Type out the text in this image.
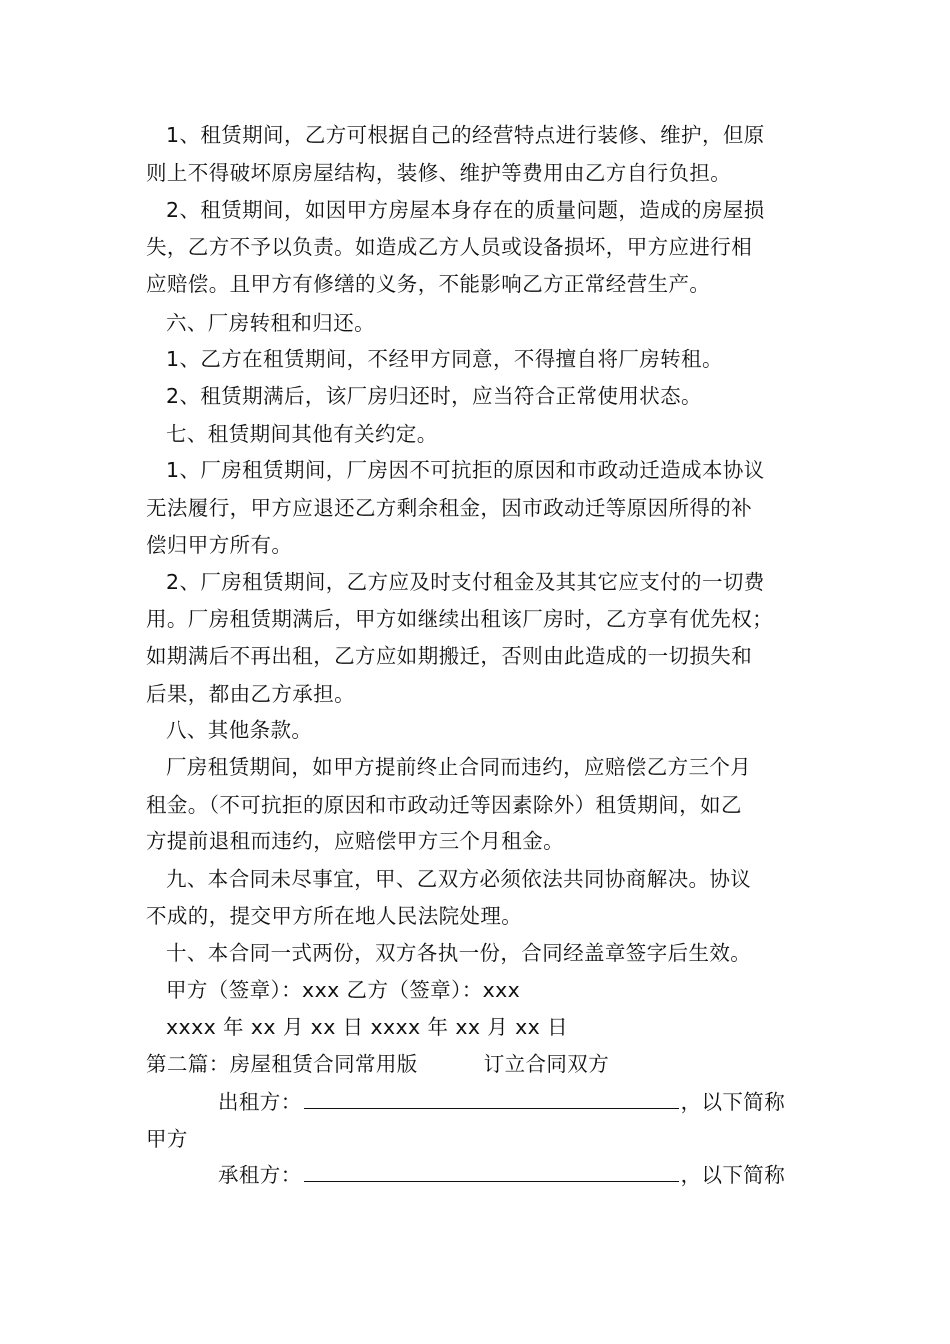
1、租赁期间，乙方可根据自己的经营特点进行装修、维护，但原
则上不得破坏原房屋结构，装修、维护等费用由乙方自行负担。
2、租赁期间，如因甲方房屋本身存在的质量问题，造成的房屋损
失，乙方不予以负责。如造成乙方人员或设备损坏，甲方应进行相
应赔偿。且甲方有修缮的义务，不能影响乙方正常经营生产。
六、厂房转租和归还。
1、乙方在租赁期间，不经甲方同意，不得擅自将厂房转租。
2、租赁期满后，该厂房归还时，应当符合正常使用状态。
七、租赁期间其他有关约定。
1、厂房租赁期间，厂房因不可抗拒的原因和市政动迁造成本协议
无法履行，甲方应退还乙方剩余租金，因市政动迁等原因所得的补
偿归甲方所有。
2、厂房租赁期间，乙方应及时支付租金及其其它应支付的一切费
用。厂房租赁期满后，甲方如继续出租该厂房时，乙方享有优先权；
如期满后不再出租，乙方应如期搬迁，否则由此造成的一切损失和
后果，都由乙方承担。
八、其他条款。
厂房租赁期间，如甲方提前终止合同而违约，应赔偿乙方三个月
租金。（不可抗拒的原因和市政动迁等因素除外）租赁期间，如乙
方提前退租而违约，应赔偿甲方三个月租金。
九、本合同未尽事宜，甲、乙双方必须依法共同协商解决。协议
不成的，提交甲方所在地人民法院处理。
十、本合同一式两份，双方各执一份，合同经盖章签字后生效。
甲方（签章）：xxx 乙方（签章）：xxx
xxxx 年 xx 月 xx 日 xxxx 年 xx 月 xx 日
第二篇：房屋租赁合同常用版	订立合同双方
出租方：	，以下简称
甲方
承租方：	，以下简称
